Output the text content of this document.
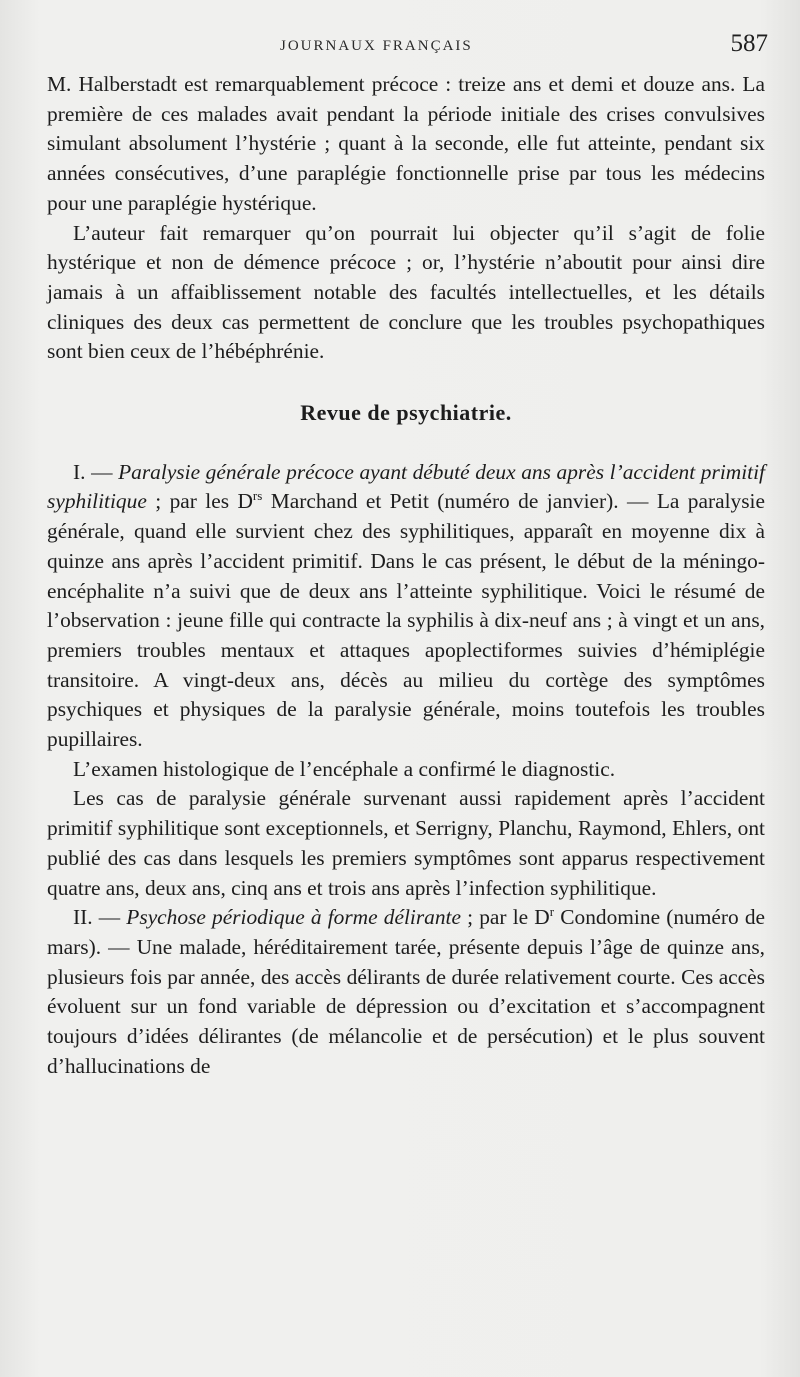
JOURNAUX FRANÇAIS	587

M. Halberstadt est remarquablement précoce : treize ans et demi et douze ans. La première de ces malades avait pendant la période initiale des crises convulsives simulant absolument l’hystérie ; quant à la seconde, elle fut atteinte, pendant six années consécutives, d’une paraplégie fonctionnelle prise par tous les médecins pour une paraplégie hystérique.

L’auteur fait remarquer qu’on pourrait lui objecter qu’il s’agit de folie hystérique et non de démence précoce ; or, l’hystérie n’aboutit pour ainsi dire jamais à un affaiblissement notable des facultés intellectuelles, et les détails cliniques des deux cas permettent de conclure que les troubles psychopathiques sont bien ceux de l’hébéphrénie.

Revue de psychiatrie.

I. — Paralysie générale précoce ayant débuté deux ans après l’accident primitif syphilitique ; par les $D^{rs}$ Marchand et Petit (numéro de janvier). — La paralysie générale, quand elle survient chez des syphilitiques, apparaît en moyenne dix à quinze ans après l’accident primitif. Dans le cas présent, le début de la méningo-encéphalite n’a suivi que de deux ans l’atteinte syphilitique. Voici le résumé de l’observation : jeune fille qui contracte la syphilis à dix-neuf ans ; à vingt et un ans, premiers troubles mentaux et attaques apoplectiformes suivies d’hémiplégie transitoire. A vingt-deux ans, décès au milieu du cortège des symptômes psychiques et physiques de la paralysie générale, moins toutefois les troubles pupillaires.

L’examen histologique de l’encéphale a confirmé le diagnostic.

Les cas de paralysie générale survenant aussi rapidement après l’accident primitif syphilitique sont exceptionnels, et Serrigny, Planchu, Raymond, Ehlers, ont publié des cas dans lesquels les premiers symptômes sont apparus respectivement quatre ans, deux ans, cinq ans et trois ans après l’infection syphilitique.

II. — Psychose périodique à forme délirante ; par le $D^r$ Condomine (numéro de mars). — Une malade, héréditairement tarée, présente depuis l’âge de quinze ans, plusieurs fois par année, des accès délirants de durée relativement courte. Ces accès évoluent sur un fond variable de dépression ou d’excitation et s’accompagnent toujours d’idées délirantes (de mélancolie et de persécution) et le plus souvent d’hallucinations de
